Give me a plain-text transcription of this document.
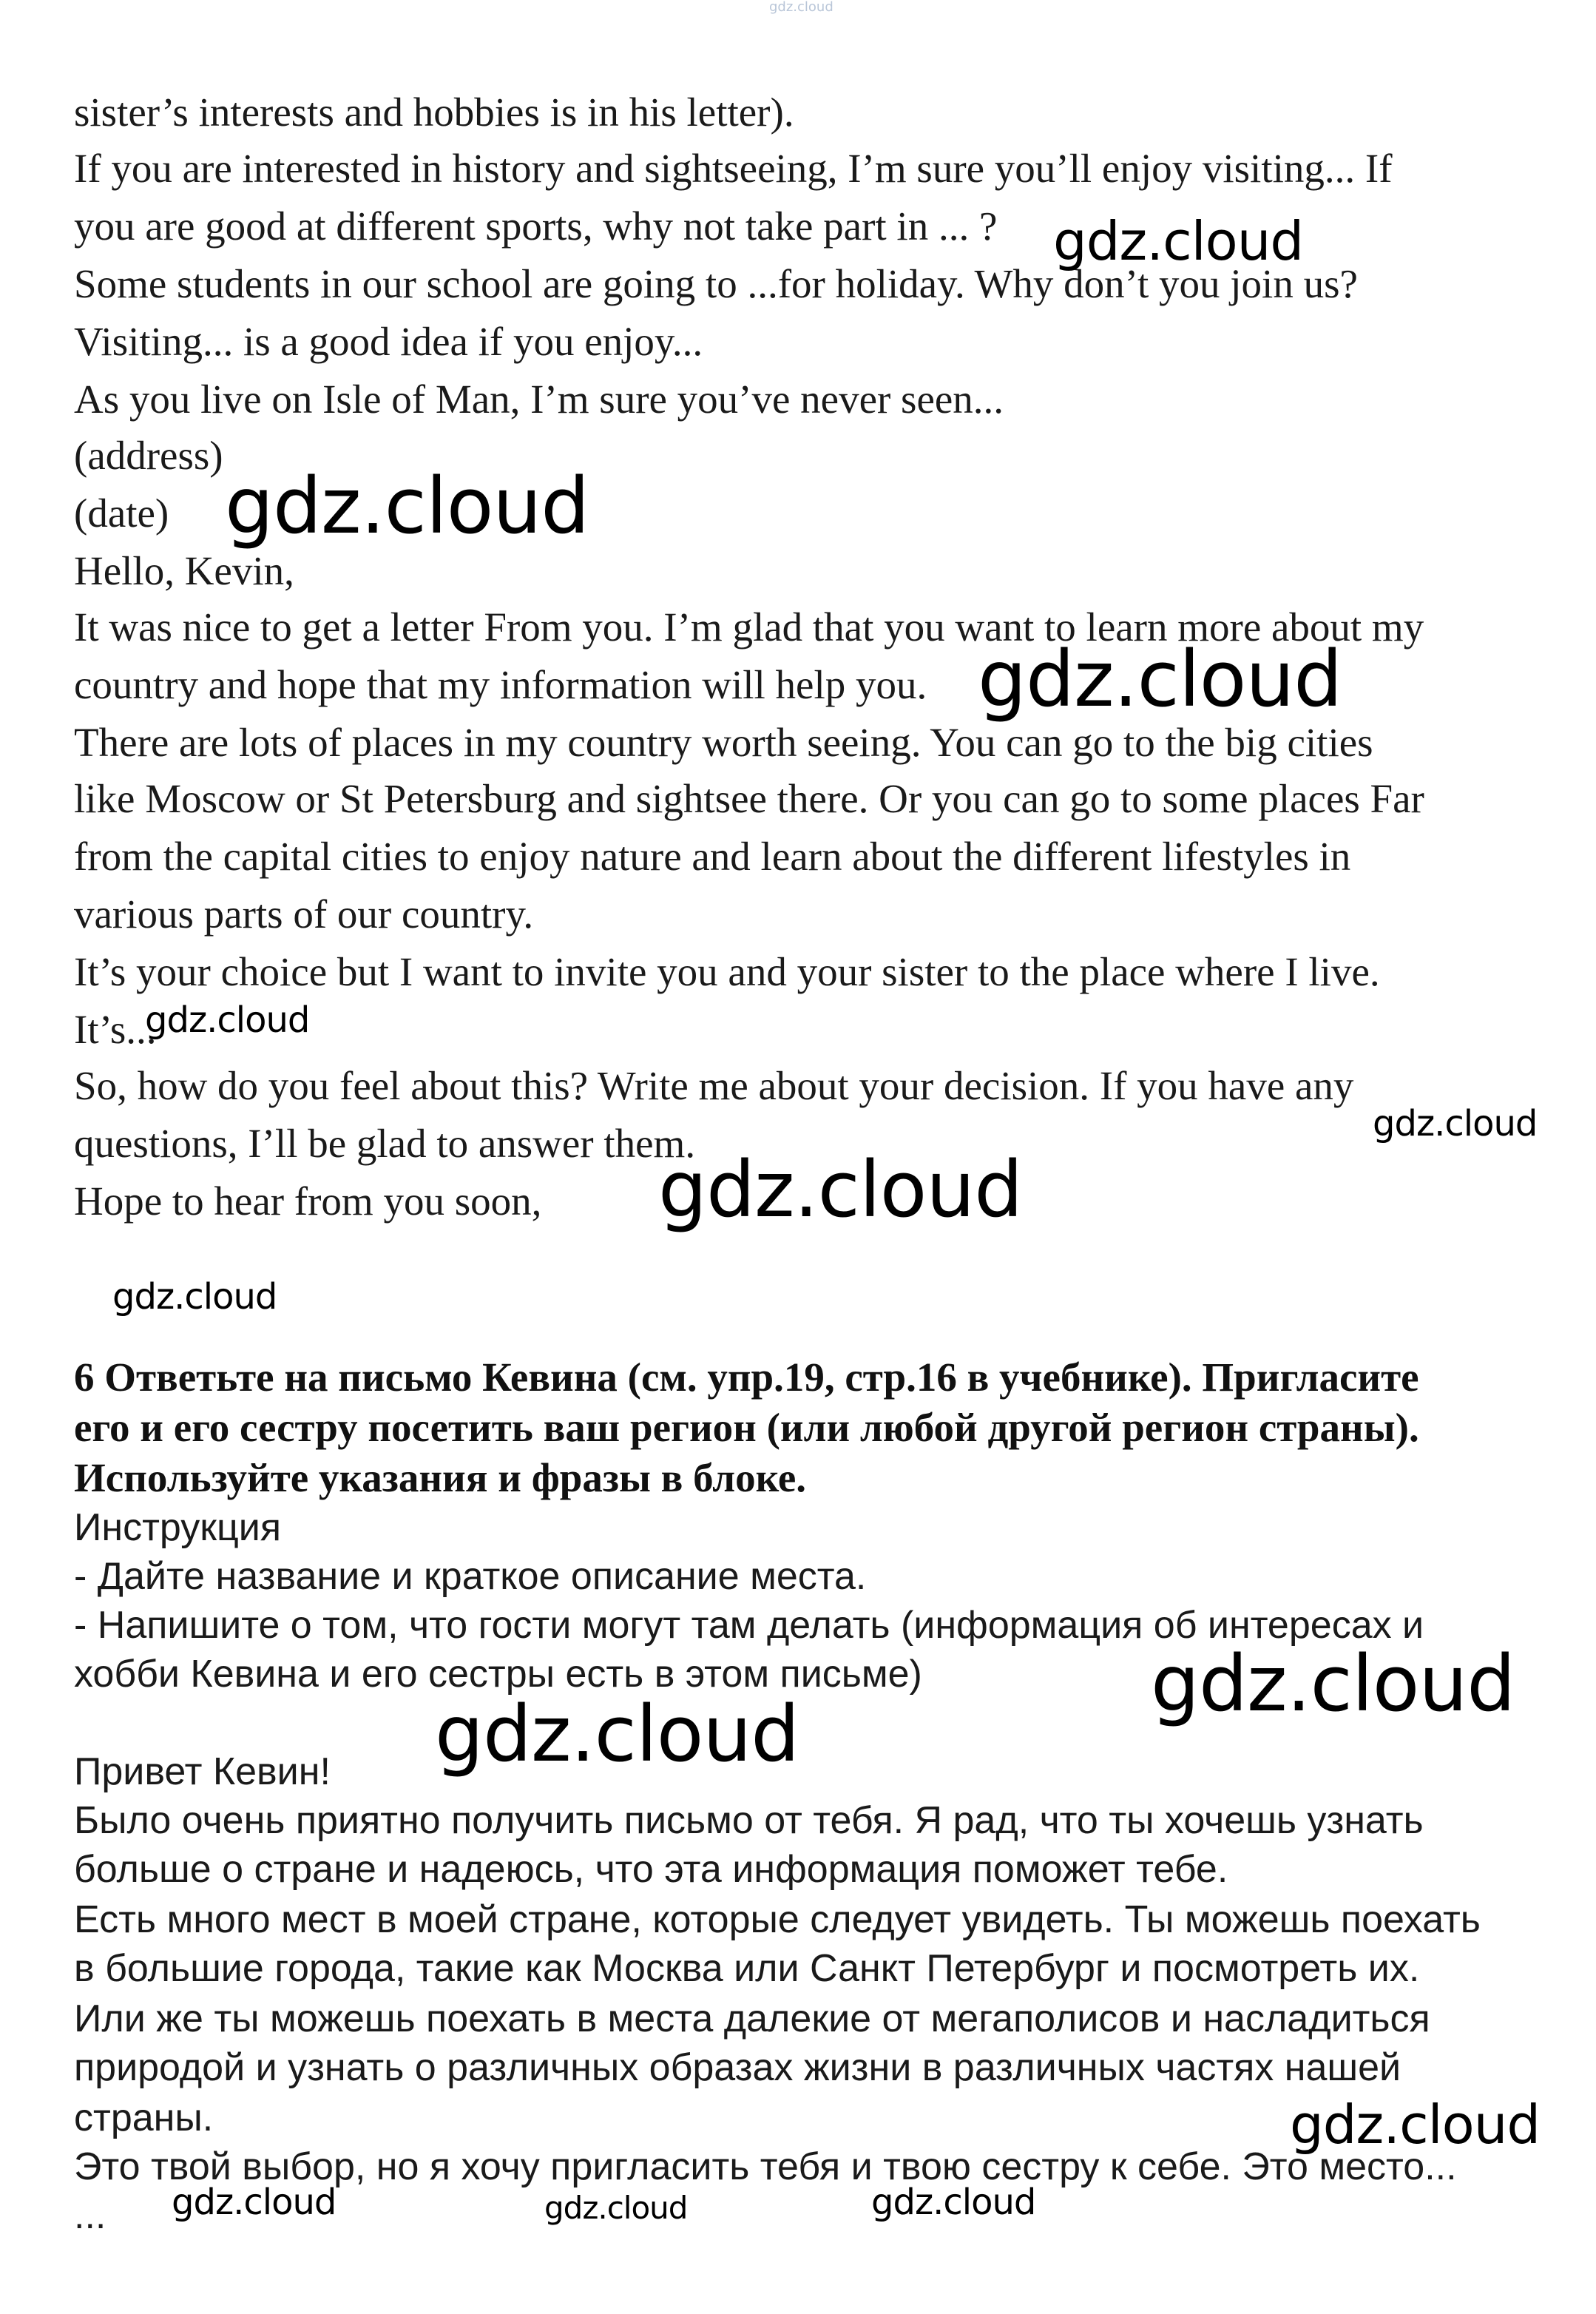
gdz.cloud

sister’s interests and hobbies is in his letter).

If you are interested in history and sightseeing, I’m sure you’ll enjoy visiting... If

you are good at different sports, why not take part in ... ?

Some students in our school are going to ...for holiday. Why don’t you join us?

Visiting... is a good idea if you enjoy...

As you live on Isle of Man, I’m sure you’ve never seen...

(address)

(date)

Hello, Kevin,

It was nice to get a letter From you. I’m glad that you want to learn more about my

country and hope that my information will help you.

There are lots of places in my country worth seeing. You can go to the big cities

like Moscow or St Petersburg and sightsee there. Or you can go to some places Far

from the capital cities to enjoy nature and learn about the different lifestyles in

various parts of our country.

It’s your choice but I want to invite you and your sister to the place where I live.

It’s...

So, how do you feel about this? Write me about your decision. If you have any

questions, I’ll be glad to answer them.

Hope to hear from you soon,

6 Ответьте на письмо Кевина (см. упр.19, стр.16 в учебнике). Пригласите

его и его сестру посетить ваш регион (или любой другой регион страны).

Используйте указания и фразы в блоке.

Инструкция

- Дайте название и краткое описание места.

- Напишите о том, что гости могут там делать (информация об интересах и

хобби Кевина и его сестры есть в этом письме)

Привет Кевин!

Было очень приятно получить письмо от тебя. Я рад, что ты хочешь узнать

больше о стране и надеюсь, что эта информация поможет тебе.

Есть много мест в моей стране, которые следует увидеть. Ты можешь поехать

в большие города, такие как Москва или Санкт Петербург и посмотреть их.

Или же ты можешь поехать в места далекие от мегаполисов и насладиться

природой и узнать о различных образах жизни в различных частях нашей

страны.

Это твой выбор, но я хочу пригласить тебя и твою сестру к себе. Это место...

...

gdz.cloud

gdz.cloud

gdz.cloud

gdz.cloud

gdz.cloud

gdz.cloud

gdz.cloud

gdz.cloud

gdz.cloud

gdz.cloud

gdz.cloud	gdz.cloud	gdz.cloud
